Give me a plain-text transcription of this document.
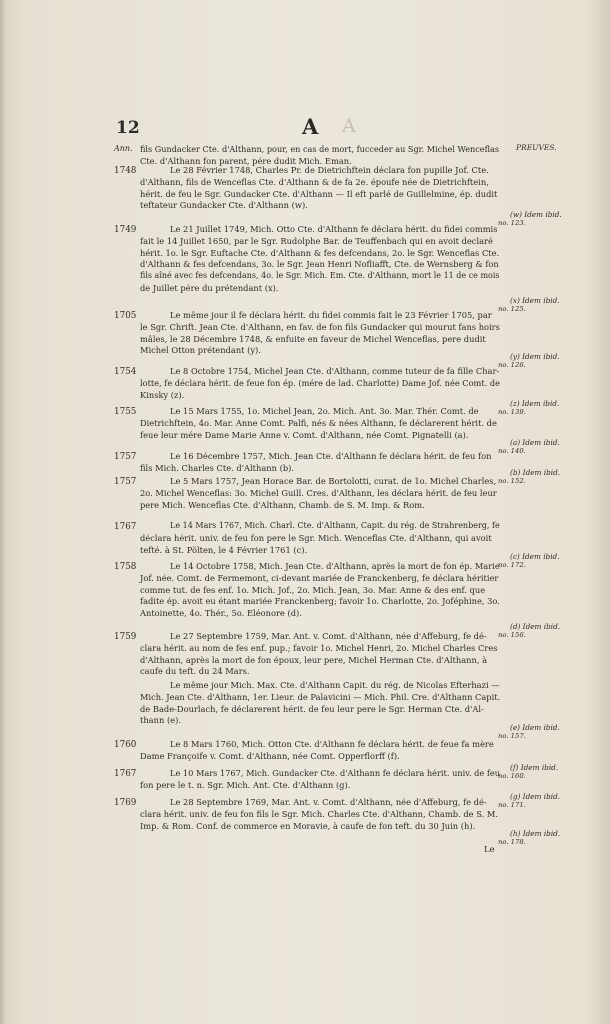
12	A A
Ann.	PREUVES.
fils Gundacker Cte. d'Althann, pour, en cas de mort, fucceder au Sgr. Michel Wenceflas
Cte. d'Althann fon parent, pére dudit Mich. Eman.
1748	Le 28 Février 1748, Charles Pr. de Dietrichftein déclara fon pupille Jof. Cte.
d'Althann, fils de Wenceflas Cte. d'Althann & de fa 2e. époufe née de Dietrichftein,
hérit. de feu le Sgr. Gundacker Cte. d'Althann — Il eft parlé de Guillelmine, ép. dudit
teftateur Gundacker Cte. d'Althann (w).
(w) Idem ibid.
no. 123.
1749	Le 21 Juillet 1749, Mich. Otto Cte. d'Althann fe déclara hérit. du fidei commis
fait le 14 Juillet 1650, par le Sgr. Rudolphe Bar. de Teuffenbach qui en avoit declaré
hérit. 1o. le Sgr. Euftache Cte. d'Althann & fes defcendans, 2o. le Sgr. Wenceflas Cte.
d'Althann & fes defcendans, 3o. le Sgr. Jean Henri Nofliafft, Cte. de Wernsberg & fon
fils aîné avec fes defcendans, 4o. le Sgr. Mich. Em. Cte. d'Althann, mort le 11 de ce mois
de Juillet pére du prétendant (x).
(x) Idem ibid.
no. 125.
1705	Le même jour il fe déclara hérit. du fidei commis fait le 23 Février 1705, par
le Sgr. Chrift. Jean Cte. d'Althann, en fav. de fon fils Gundacker qui mourut fans hoirs
mâles, le 28 Décembre 1748, & enfuite en faveur de Michel Wenceflas, pere dudit
Michel Otton prétendant (y).
(y) Idem ibid.
no. 126.
1754	Le 8 Octobre 1754, Michel Jean Cte. d'Althann, comme tuteur de fa fille Char-
lotte, fe déclara hérit. de feue fon ép. (mére de lad. Charlotte) Dame Jof. née Comt. de
Kinsky (z).
(z) Idem ibid.
no. 139.
1755	Le 15 Mars 1755, 1o. Michel Jean, 2o. Mich. Ant. 3o. Mar. Thér. Comt. de
Dietrichftein, 4o. Mar. Anne Comt. Palfi, nés & nées Althann, fe déclarerent hérit. de
feue leur mére Dame Marie Anne v. Comt. d'Althann, née Comt. Pignatelli (a).
(a) Idem ibid.
no. 140.
1757	Le 16 Décembre 1757, Mich. Jean Cte. d'Althann fe déclara hérit. de feu fon
fils Mich. Charles Cte. d'Althann (b).	(b) Idem ibid.
no. 152.
1757	Le 5 Mars 1757, Jean Horace Bar. de Bortolotti, curat. de 1o. Michel Charles,
2o. Michel Wenceflas: 3o. Michel Guill. Cres. d'Althann, les déclara hérit. de feu leur
pere Mich. Wenceflas Cte. d'Althann, Chamb. de S. M. Imp. & Rom.
1767	Le 14 Mars 1767, Mich. Charl. Cte. d'Althann, Capit. du rég. de Strahrenberg, fe
déclara hérit. univ. de feu fon pere le Sgr. Mich. Wenceflas Cte. d'Althann, qui avoit
tefté. à St. Pölten, le 4 Février 1761 (c).
(c) Idem ibid.
no. 172.
1758	Le 14 Octobre 1758, Mich. Jean Cte. d'Althann, après la mort de fon ép. Marie
Jof. née. Comt. de Fermemont, ci-devant mariée de Franckenberg, fe déclara héritier
comme tut. de fes enf. 1o. Mich. Jof., 2o. Mich. Jean, 3o. Mar. Anne & des enf. que
fadite ép. avoit eu étant mariée Franckenberg; favoir 1o. Charlotte, 2o. Joféphine, 3o.
Antoinette, 4o. Thér., 5o. Eléonore (d).
(d) Idem ibid.
no. 156.
1759	Le 27 Septembre 1759, Mar. Ant. v. Comt. d'Althann, née d'Affeburg, fe dé-
clara hérit. au nom de fes enf. pup.; favoir 1o. Michel Henri, 2o. Michel Charles Cres
d'Althann, après la mort de fon époux, leur pere, Michel Herman Cte. d'Althann, à
caufe du teft. du 24 Mars.
Le même jour Mich. Max. Cte. d'Althann Capit. du rég. de Nicolas Efterhazi —
Mich. Jean Cte. d'Althann, 1er. Lieur. de Palavicini — Mich. Phil. Cre. d'Althann Capit.
de Bade-Dourlach, fe déclarerent hérit. de feu leur pere le Sgr. Herman Cte. d'Al-
thann (e).
(e) Idem ibid.
no. 157.
1760	Le 8 Mars 1760, Mich. Otton Cte. d'Althann fe déclara hérit. de feue fa mère
Dame Françoife v. Comt. d'Althann, née Comt. Opperflorff (f).
(f) Idem ibid.
no. 160.
1767	Le 10 Mars 1767, Mich. Gundacker Cte. d'Althann fe déclara hérit. univ. de feu
fon pere le t. n. Sgr. Mich. Ant. Cte. d'Althann (g).
(g) Idem ibid.
no. 171.
1769	Le 28 Septembre 1769, Mar. Ant. v. Comt. d'Althann, née d'Affeburg, fe dé-
clara hérit. univ. de feu fon fils le Sgr. Mich. Charles Cte. d'Althann, Chamb. de S. M.
Imp. & Rom. Conf. de commerce en Moravie, à caufe de fon teft. du 30 Juin (h).
(h) Idem ibid.
no. 178.
Le
